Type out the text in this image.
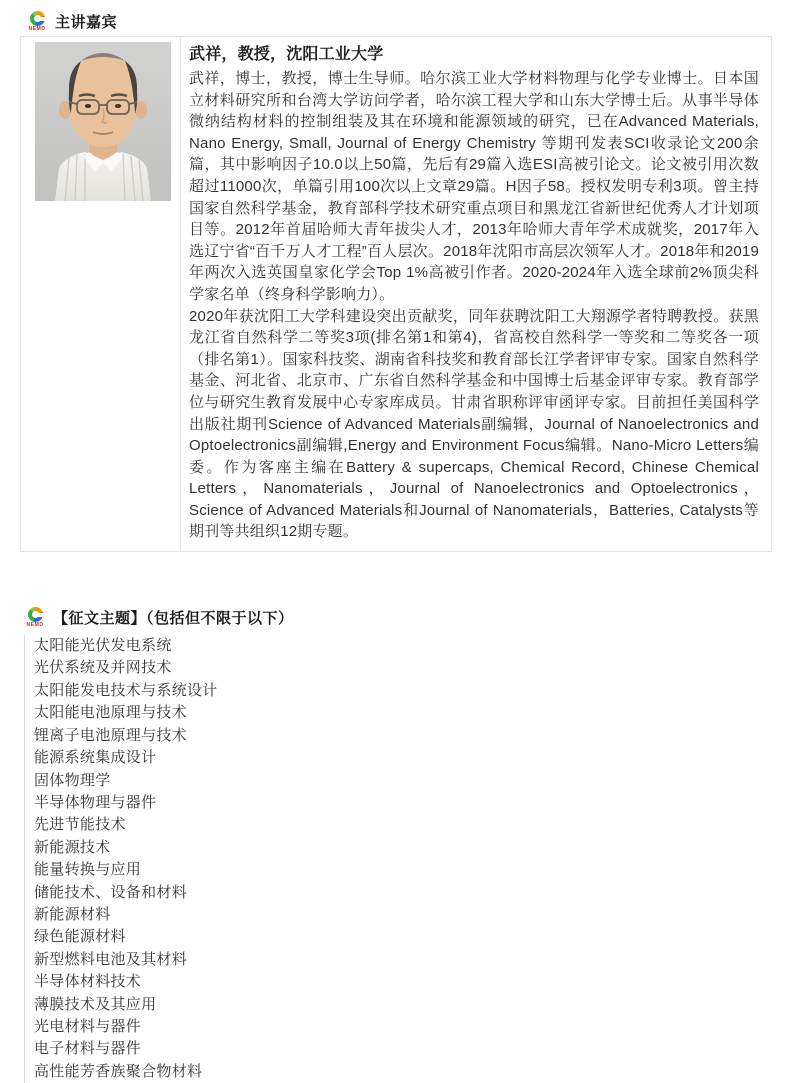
NEMD 主讲嘉宾
武祥，教授，沈阳工业大学
武祥，博士，教授，博士生导师。哈尔滨工业大学材料物理与化学专业博士。日本国立材料研究所和台湾大学访问学者，哈尔滨工程大学和山东大学博士后。从事半导体微纳结构材料的控制组装及其在环境和能源领域的研究，已在Advanced Materials, Nano Energy, Small, Journal of Energy Chemistry 等期刊发表SCI收录论文200余篇，其中影响因子10.0以上50篇，先后有29篇入选ESI高被引论文。论文被引用次数超过11000次，单篇引用100次以上文章29篇。H因子58。授权发明专利3项。曾主持国家自然科学基金，教育部科学技术研究重点项目和黑龙江省新世纪优秀人才计划项目等。2012年首届哈师大青年拔尖人才，2013年哈师大青年学术成就奖，2017年入选辽宁省“百千万人才工程”百人层次。2018年沈阳市高层次领军人才。2018年和2019年两次入选英国皇家化学会Top 1%高被引作者。2020-2024年入选全球前2%顶尖科学家名单（终身科学影响力）。
2020年获沈阳工大学科建设突出贡献奖，同年获聘沈阳工大翔源学者特聘教授。获黑龙江省自然科学二等奖3项(排名第1和第4)，省高校自然科学一等奖和二等奖各一项（排名第1）。国家科技奖、湖南省科技奖和教育部长江学者评审专家。国家自然科学基金、河北省、北京市、广东省自然科学基金和中国博士后基金评审专家。教育部学位与研究生教育发展中心专家库成员。甘肃省职称评审函评专家。目前担任美国科学出版社期刊Science of Advanced Materials副编辑，Journal of Nanoelectronics and Optoelectronics副编辑,Energy and Environment Focus编辑。Nano-Micro Letters编委。作为客座主编在Battery & supercaps, Chemical Record, Chinese Chemical Letters，Nanomaterials，Journal of Nanoelectronics and Optoelectronics，Science of Advanced Materials和Journal of Nanomaterials，Batteries, Catalysts等期刊等共组织12期专题。
NEMD 【征文主题】（包括但不限于以下）
太阳能光伏发电系统
光伏系统及并网技术
太阳能发电技术与系统设计
太阳能电池原理与技术
锂离子电池原理与技术
能源系统集成设计
固体物理学
半导体物理与器件
先进节能技术
新能源技术
能量转换与应用
储能技术、设备和材料
新能源材料
绿色能源材料
新型燃料电池及其材料
半导体材料技术
薄膜技术及其应用
光电材料与器件
电子材料与器件
高性能芳香族聚合物材料
